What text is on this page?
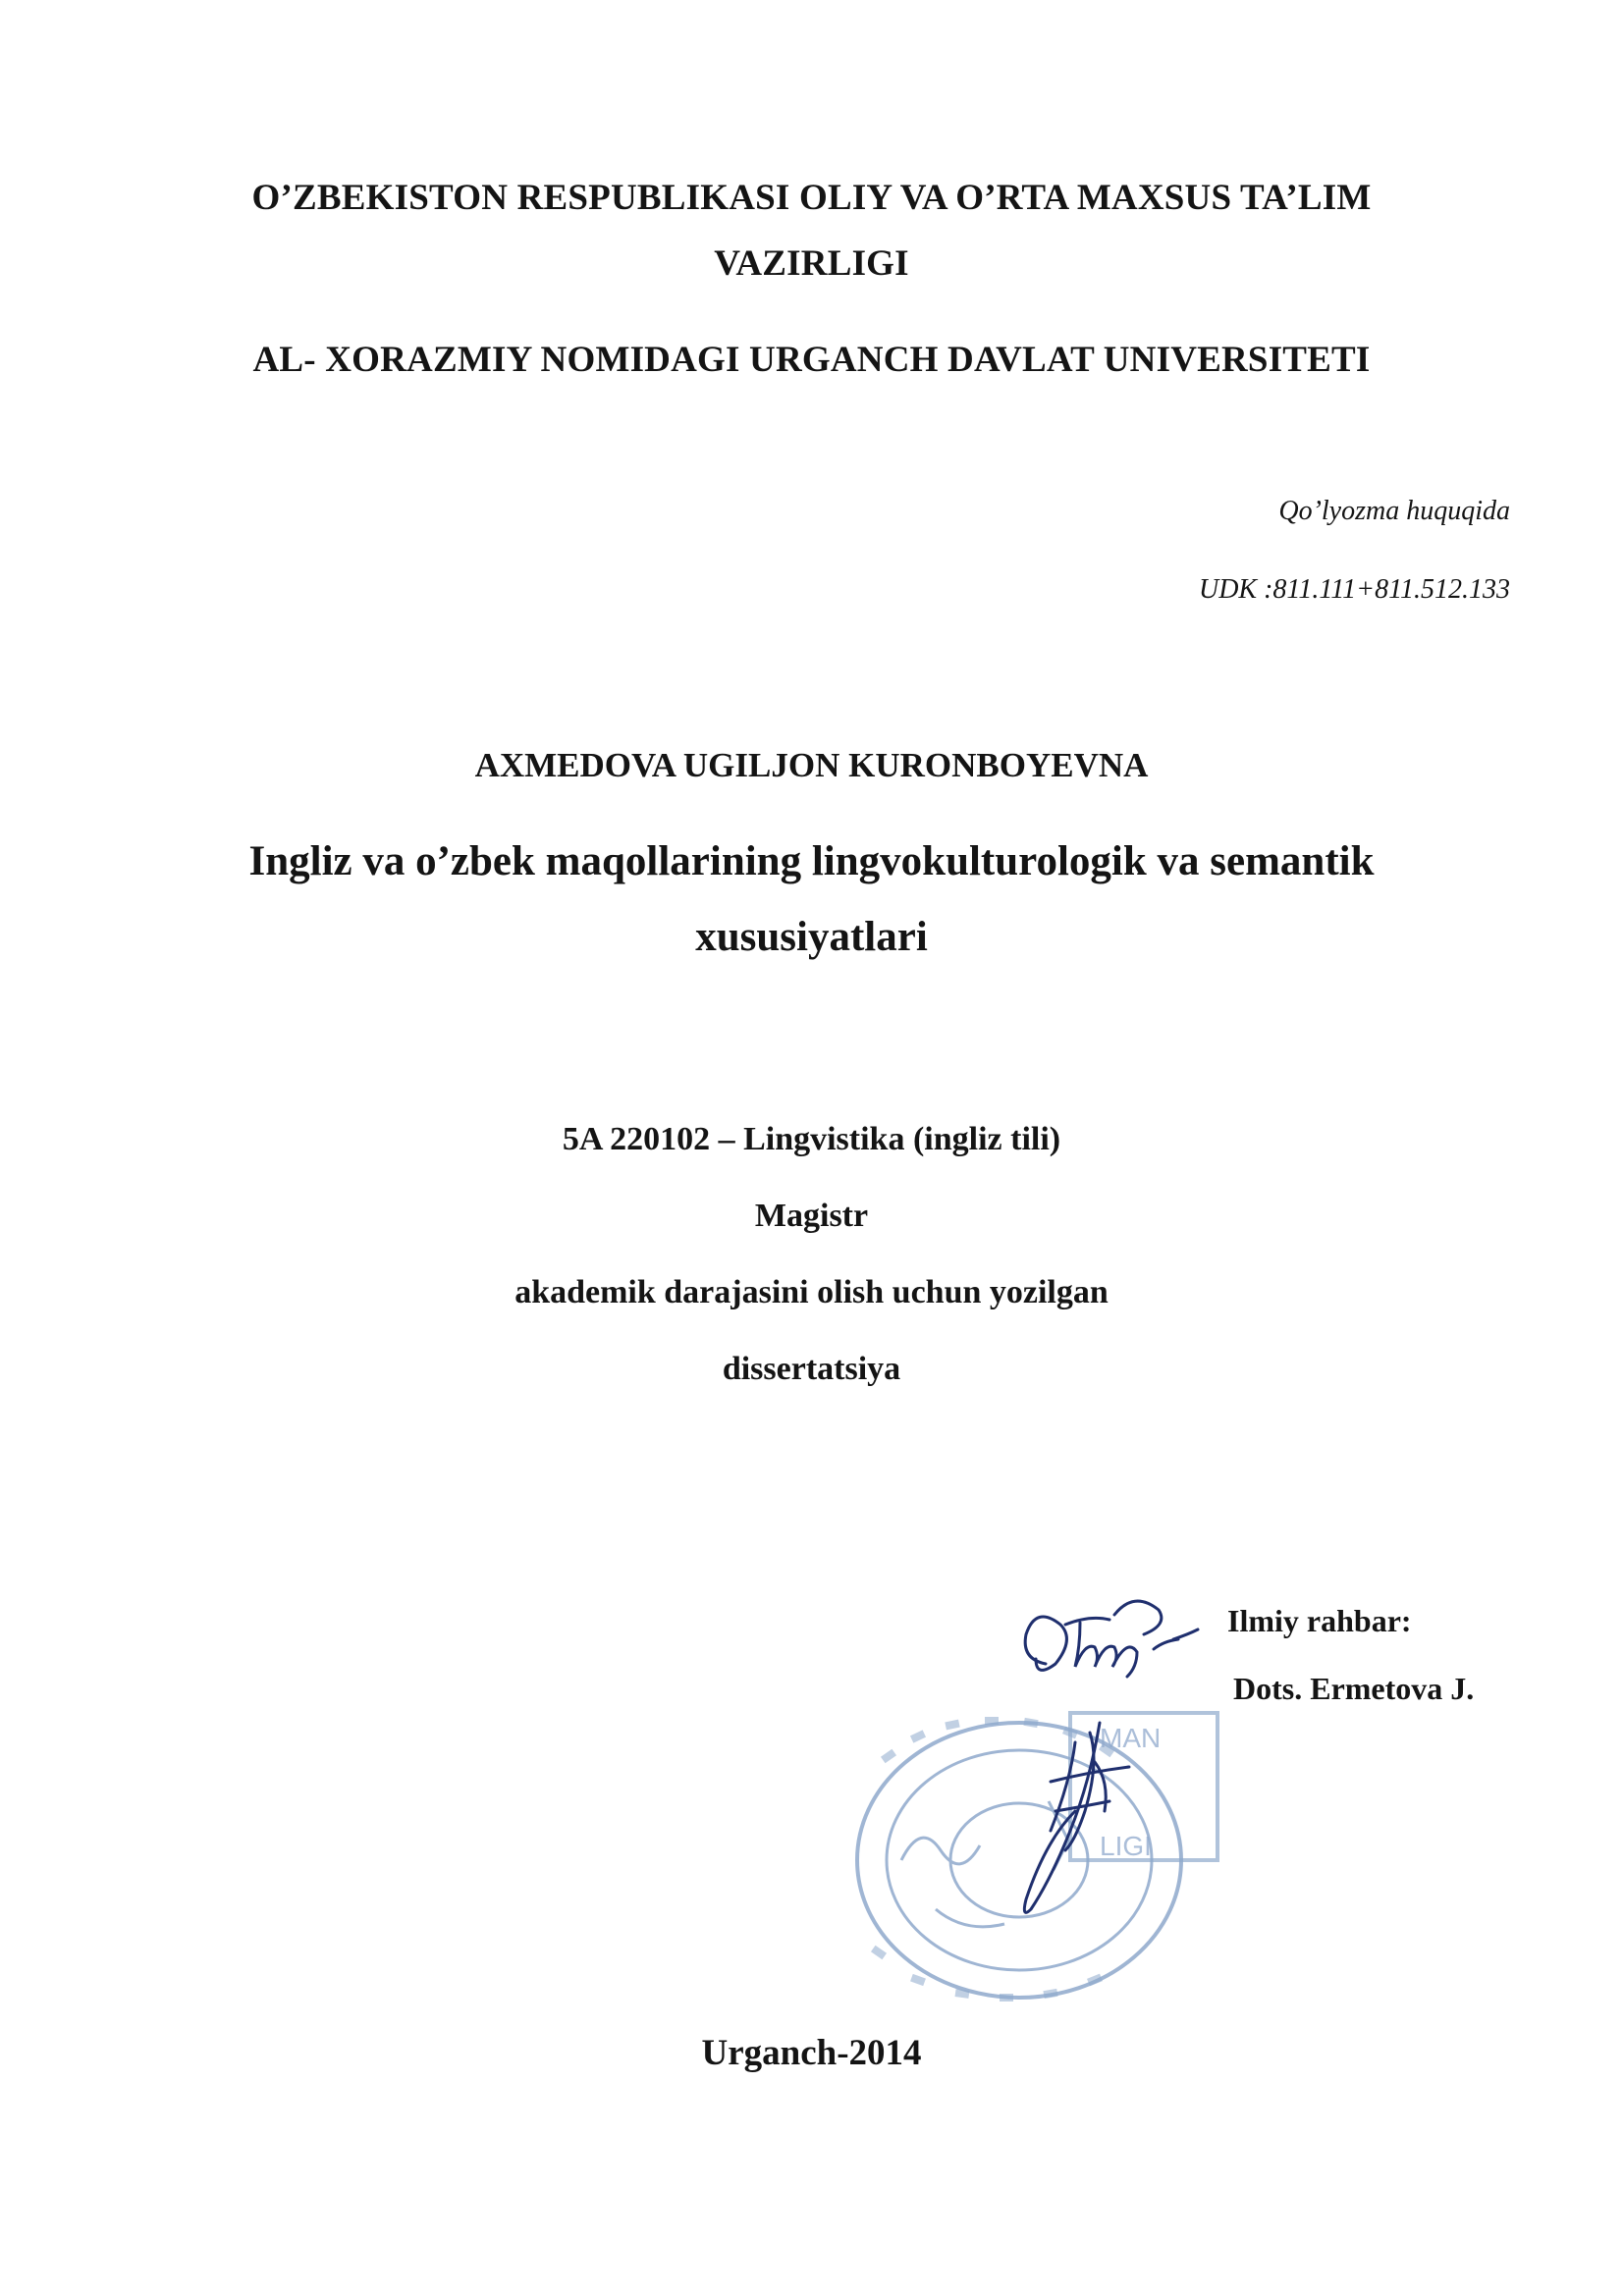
O’ZBEKISTON RESPUBLIKASI OLIY VA O’RTA MAXSUS TA’LIM
VAZIRLIGI
AL- XORAZMIY NOMIDAGI URGANCH DAVLAT UNIVERSITETI
Qo’lyozma huquqida
UDK :811.111+811.512.133
AXMEDOVA UGILJON KURONBOYEVNA
Ingliz va o’zbek maqollarining lingvokulturologik va semantik
xususiyatlari
5A 220102 – Lingvistika (ingliz tili)
Magistr
akademik darajasini olish uchun yozilgan
dissertatsiya
MAN
LIGI
Ilmiy rahbar:
Dots. Ermetova J.
Urganch-2014
